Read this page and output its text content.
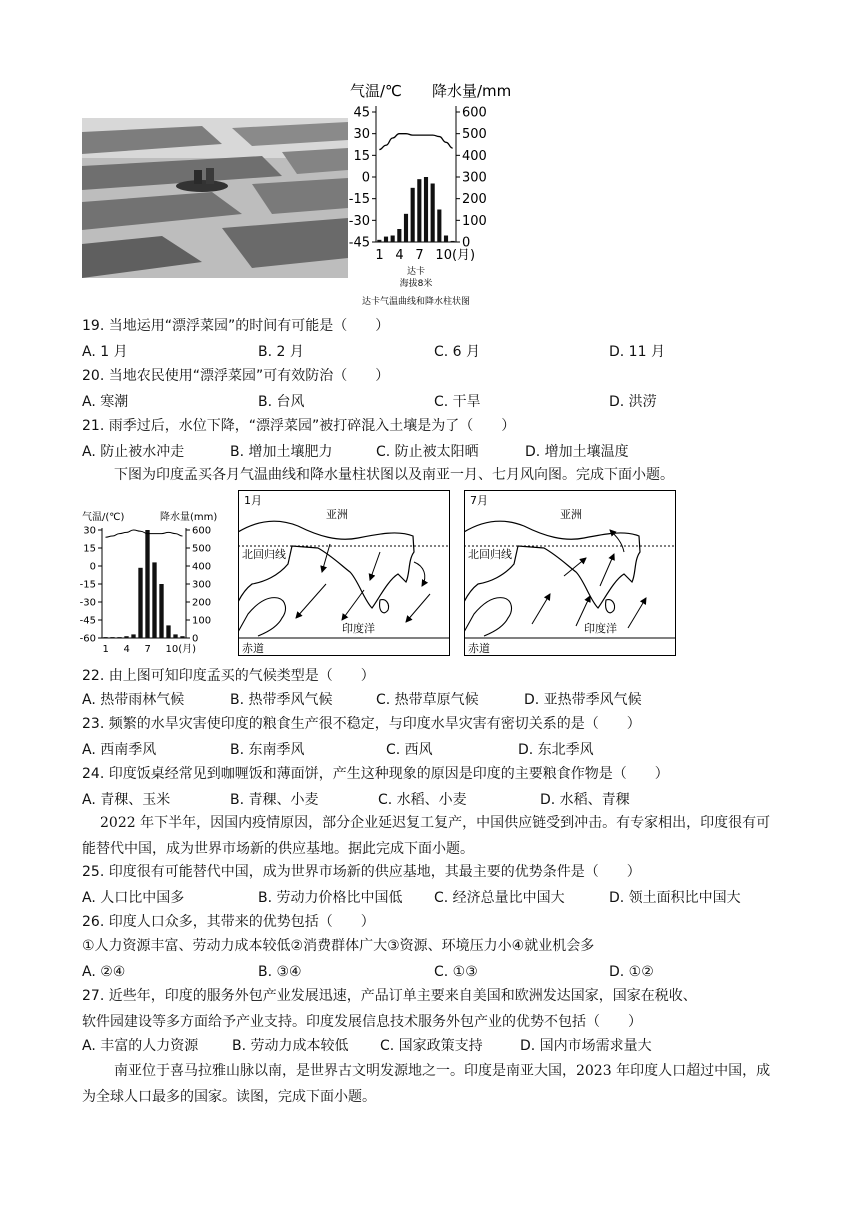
气温/℃ 降水量/mm
45
30
15
0
-15
-30
-45
600
500
400
300
200
100
0
1 4 7 10(月)
达卡
海拔8米
达卡气温曲线和降水柱状图
19. 当地运用“漂浮菜园”的时间有可能是（　　）
A. 1 月	B. 2 月	C. 6 月	D. 11 月
20. 当地农民使用“漂浮菜园”可有效防治（　　）
A. 寒潮	B. 台风	C. 干旱	D. 洪涝
21. 雨季过后，水位下降，“漂浮菜园”被打碎混入土壤是为了（　　）
A. 防止被水冲走	B. 增加土壤肥力	C. 防止被太阳晒	D. 增加土壤温度
下图为印度孟买各月气温曲线和降水量柱状图以及南亚一月、七月风向图。完成下面小题。
气温/(℃)	降水量(mm)
30
15
0
-15
-30
-45
-60
600
500
400
300
200
100
0
1 4 7 10(月)
1月
亚洲
北回归线
赤道
印度洋
7月
亚洲
北回归线
赤道
印度洋
22. 由上图可知印度孟买的气候类型是（　　）
A. 热带雨林气候	B. 热带季风气候	C. 热带草原气候	D. 亚热带季风气候
23. 频繁的水旱灾害使印度的粮食生产很不稳定，与印度水旱灾害有密切关系的是（　　）
A. 西南季风	B. 东南季风	C. 西风	D. 东北季风
24. 印度饭桌经常见到咖喱饭和薄面饼，产生这种现象的原因是印度的主要粮食作物是（　　）
A. 青稞、玉米	B. 青稞、小麦	C. 水稻、小麦	D. 水稻、青稞
2022 年下半年，因国内疫情原因，部分企业延迟复工复产，中国供应链受到冲击。有专家相出，印度很有可能替代中国，成为世界市场新的供应基地。据此完成下面小题。
25. 印度很有可能替代中国，成为世界市场新的供应基地，其最主要的优势条件是（　　）
A. 人口比中国多	B. 劳动力价格比中国低 C. 经济总量比中国大	D. 领土面积比中国大
26. 印度人口众多，其带来的优势包括（　　）
①人力资源丰富、劳动力成本较低②消费群体广大③资源、环境压力小④就业机会多
A. ②④	B. ③④	C. ①③	D. ①②
27. 近些年，印度的服务外包产业发展迅速，产品订单主要来自美国和欧洲发达国家，国家在税收、
软件园建设等多方面给予产业支持。印度发展信息技术服务外包产业的优势不包括（　　）
A. 丰富的人力资源 B. 劳动力成本较低 C. 国家政策支持	D. 国内市场需求量大
南亚位于喜马拉雅山脉以南，是世界古文明发源地之一。印度是南亚大国，2023 年印度人口超过中国，成为全球人口最多的国家。读图，完成下面小题。
